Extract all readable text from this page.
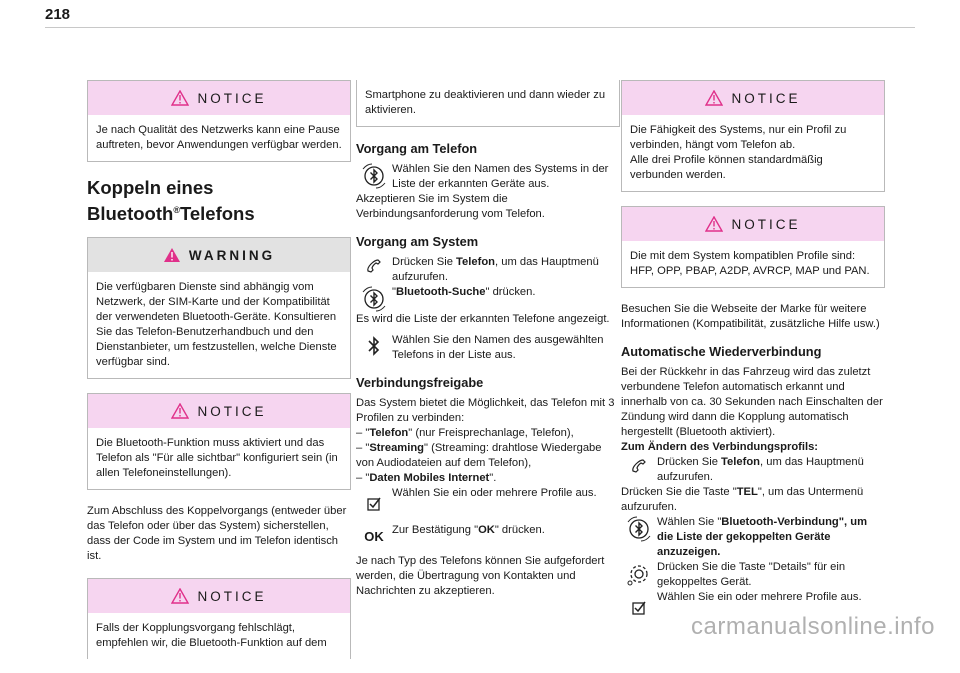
218
NOTICE
Je nach Qualität des Netzwerks kann eine Pause auftreten, bevor Anwendungen verfügbar werden.
Koppeln eines
Bluetooth®Telefons
WARNING
Die verfügbaren Dienste sind abhängig vom Netzwerk, der SIM-Karte und der Kompatibilität der verwendeten Bluetooth-Geräte. Konsultieren Sie das Telefon-Benutzerhandbuch und den Dienstanbieter, um festzustellen, welche Dienste verfügbar sind.
NOTICE
Die Bluetooth-Funktion muss aktiviert und das Telefon als "Für alle sichtbar" konfiguriert sein (in allen Telefoneinstellungen).

Zum Abschluss des Koppelvorgangs (entweder über das Telefon oder über das System) sicherstellen, dass der Code im System und im Telefon identisch ist.

NOTICE
Falls der Kopplungsvorgang fehlschlägt, empfehlen wir, die Bluetooth-Funktion auf dem
Smartphone zu deaktivieren und dann wieder zu aktivieren.
Vorgang am Telefon
Wählen Sie den Namen des Systems in der Liste der erkannten Geräte aus.

Akzeptieren Sie im System die Verbindungsanforderung vom Telefon.

Vorgang am System
Drücken Sie Telefon, um das Hauptmenü aufzurufen.
"Bluetooth-Suche" drücken.

Es wird die Liste der erkannten Telefone angezeigt.

Wählen Sie den Namen des ausgewählten Telefons in der Liste aus.
Verbindungsfreigabe

Das System bietet die Möglichkeit, das Telefon mit 3 Profilen zu verbinden:

– "Telefon" (nur Freisprechanlage, Telefon),
– "Streaming" (Streaming: drahtlose Wiedergabe von Audiodateien auf dem Telefon),
– "Daten Mobiles Internet".
Wählen Sie ein oder mehrere Profile aus.
OK Zur Bestätigung "OK" drücken.

Je nach Typ des Telefons können Sie aufgefordert werden, die Übertragung von Kontakten und Nachrichten zu akzeptieren.

NOTICE
Die Fähigkeit des Systems, nur ein Profil zu verbinden, hängt vom Telefon ab.
Alle drei Profile können standardmäßig verbunden werden.
NOTICE
Die mit dem System kompatiblen Profile sind: HFP, OPP, PBAP, A2DP, AVRCP, MAP und PAN.

Besuchen Sie die Webseite der Marke für weitere Informationen (Kompatibilität, zusätzliche Hilfe usw.)

Automatische Wiederverbindung

Bei der Rückkehr in das Fahrzeug wird das zuletzt verbundene Telefon automatisch erkannt und innerhalb von ca. 30 Sekunden nach Einschalten der Zündung wird dann die Kopplung automatisch hergestellt (Bluetooth aktiviert).

Zum Ändern des Verbindungsprofils:
Drücken Sie Telefon, um das Hauptmenü aufzurufen.
Drücken Sie die Taste "TEL", um das Untermenü aufzurufen.
Wählen Sie "Bluetooth-Verbindung", um die Liste der gekoppelten Geräte anzuzeigen.
Drücken Sie die Taste "Details" für ein gekoppeltes Gerät.
Wählen Sie ein oder mehrere Profile aus.
carmanualsonline.info
